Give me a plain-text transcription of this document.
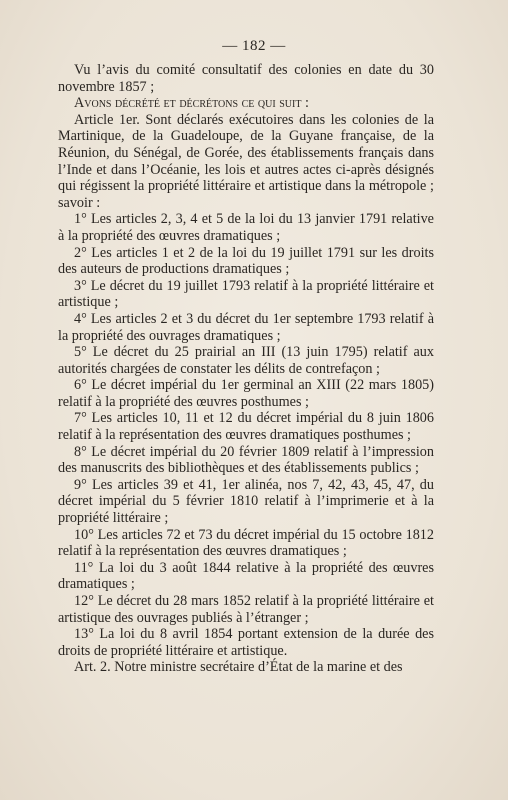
— 182 —

Vu l’avis du comité consultatif des colonies en date du 30 novembre 1857 ;

Avons décrété et décrétons ce qui suit :

Article 1er. Sont déclarés exécutoires dans les colonies de la Martinique, de la Guadeloupe, de la Guyane française, de la Réunion, du Sénégal, de Gorée, des établissements français dans l’Inde et dans l’Océanie, les lois et autres actes ci-après désignés qui régissent la propriété littéraire et artistique dans la métropole ; savoir :

1° Les articles 2, 3, 4 et 5 de la loi du 13 janvier 1791 relative à la propriété des œuvres dramatiques ;

2° Les articles 1 et 2 de la loi du 19 juillet 1791 sur les droits des auteurs de productions dramatiques ;

3° Le décret du 19 juillet 1793 relatif à la propriété littéraire et artistique ;

4° Les articles 2 et 3 du décret du 1er septembre 1793 relatif à la propriété des ouvrages dramatiques ;

5° Le décret du 25 prairial an III (13 juin 1795) relatif aux autorités chargées de constater les délits de contrefaçon ;

6° Le décret impérial du 1er germinal an XIII (22 mars 1805) relatif à la propriété des œuvres posthumes ;

7° Les articles 10, 11 et 12 du décret impérial du 8 juin 1806 relatif à la représentation des œuvres dramatiques posthumes ;

8° Le décret impérial du 20 février 1809 relatif à l’impression des manuscrits des bibliothèques et des établissements publics ;

9° Les articles 39 et 41, 1er alinéa, nos 7, 42, 43, 45, 47, du décret impérial du 5 février 1810 relatif à l’imprimerie et à la propriété littéraire ;

10° Les articles 72 et 73 du décret impérial du 15 octobre 1812 relatif à la représentation des œuvres dramatiques ;

11° La loi du 3 août 1844 relative à la propriété des œuvres dramatiques ;

12° Le décret du 28 mars 1852 relatif à la propriété littéraire et artistique des ouvrages publiés à l’étranger ;

13° La loi du 8 avril 1854 portant extension de la durée des droits de propriété littéraire et artistique.

Art. 2. Notre ministre secrétaire d’État de la marine et des
